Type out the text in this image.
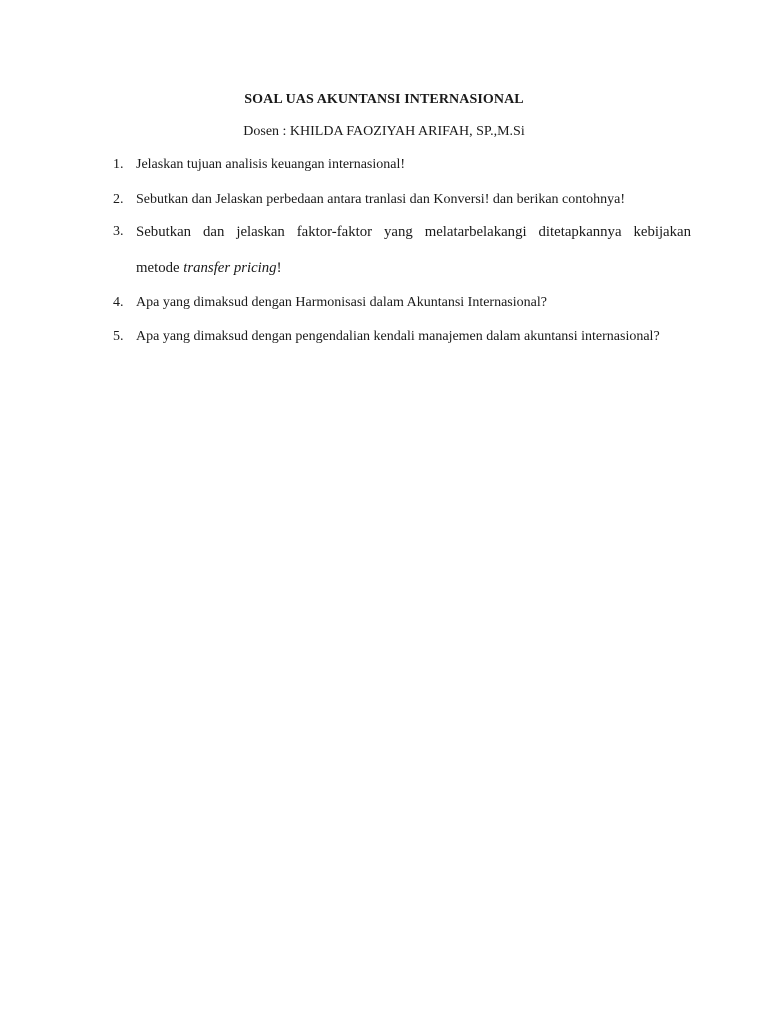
SOAL UAS AKUNTANSI INTERNASIONAL
Dosen : KHILDA FAOZIYAH ARIFAH, SP.,M.Si
1. Jelaskan tujuan analisis keuangan internasional!
2. Sebutkan dan Jelaskan perbedaan antara tranlasi dan Konversi! dan berikan contohnya!
3. Sebutkan dan jelaskan faktor-faktor yang melatarbelakangi ditetapkannya kebijakan
metode transfer pricing!
4. Apa yang dimaksud dengan Harmonisasi dalam Akuntansi Internasional?
5. Apa yang dimaksud dengan pengendalian kendali manajemen dalam akuntansi internasional?
